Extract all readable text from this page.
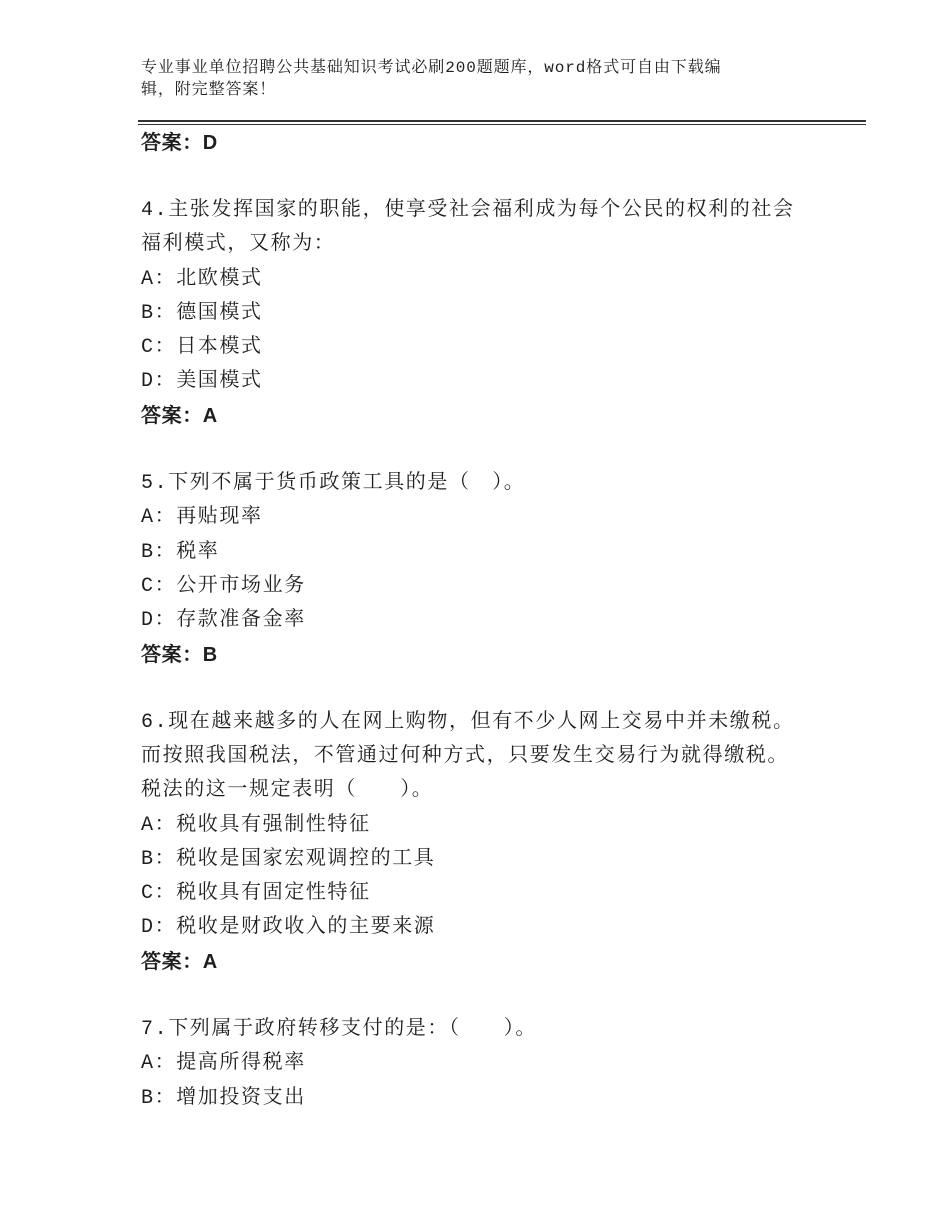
专业事业单位招聘公共基础知识考试必刷200题题库，word格式可自由下载编
辑，附完整答案！
答案：D
4.主张发挥国家的职能，使享受社会福利成为每个公民的权利的社会
福利模式，又称为：
A：北欧模式
B：德国模式
C：日本模式
D：美国模式
答案：A
5.下列不属于货币政策工具的是（　）。
A：再贴现率
B：税率
C：公开市场业务
D：存款准备金率
答案：B
6.现在越来越多的人在网上购物，但有不少人网上交易中并未缴税。
而按照我国税法，不管通过何种方式，只要发生交易行为就得缴税。
税法的这一规定表明（　　）。
A：税收具有强制性特征
B：税收是国家宏观调控的工具
C：税收具有固定性特征
D：税收是财政收入的主要来源
答案：A
7.下列属于政府转移支付的是：（　　）。
A：提高所得税率
B：增加投资支出
